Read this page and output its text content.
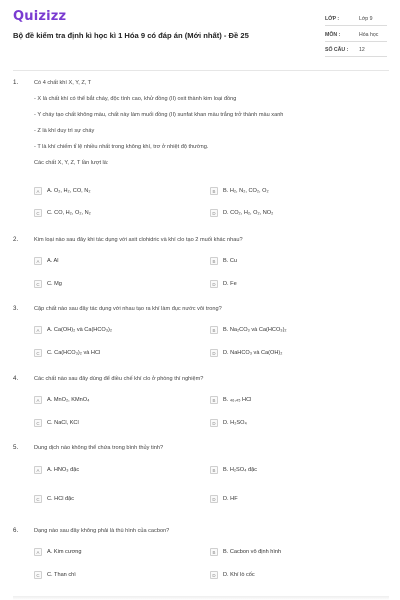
Quizizz
Bộ đề kiểm tra định kì học kì 1 Hóa 9 có đáp án (Mới nhất) - Đề 25
LỚP :	Lớp 9
MÔN :	Hóa học
SỐ CÂU : 12
1.	Có 4 chất khí X, Y, Z, T
- X là chất khí có thể bắt cháy, độc tính cao, khử đồng (II) oxit thành kim loại đồng
- Y cháy tạo chất không màu, chất này làm muối đồng (II) sunfat khan màu trắng trở thành màu xanh
- Z là khí duy trì sự cháy
- T là khí chiếm tỉ lệ nhiều nhất trong không khí, trơ ở nhiệt độ thường.
Các chất X, Y, Z, T lần lượt là:
A	A. O₂, H₂, CO, N₂	B	B. H₂, N₂, CO₂, O₂
C	C. CO, H₂, O₂, N₂	D	D. CO₂, H₂, O₂, NO₂
2.	Kim loại nào sau đây khi tác dụng với axit clohidric và khí clo tạo 2 muối khác nhau?
A	A. Al	B	B. Cu
C	C. Mg	D	D. Fe
3.	Cặp chất nào sau đây tác dụng với nhau tạo ra khí làm đục nước vôi trong?
A	A. Ca(OH)₂ và Ca(HCO₃)₂	B	B. Na₂CO₃ và Ca(HCO₃)₂
C	C. Ca(HCO₃)₂ và HCl	D	D. NaHCO₃ và Ca(OH)₂
4.	Các chất nào sau đây dùng để điều chế khí clo ở phòng thí nghiệm?
A	A. MnO₂, KMnO₄	B	B. ₄₆,₄₅ HCl
C	C. NaCl, KCl	D	D. H₂SO₄
5.	Dung dịch nào không thể chứa trong bình thủy tinh?
A	A. HNO₃ đặc	B	B. H₂SO₄ đặc
C	C. HCl đặc	D	D. HF
6.	Dạng nào sau đây không phải là thù hình của cacbon?
A	A. Kim cương	B	B. Cacbon vô định hình
C	C. Than chì	D	D. Khí lò cốc
